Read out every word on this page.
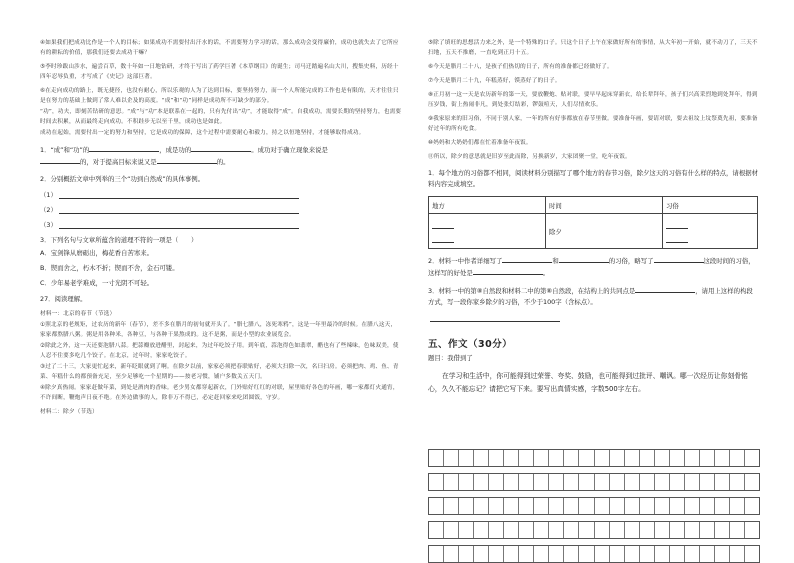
④如果我们把成功比作是一个人的目标；如果成功不需要付出汗水的话，不需要努力学习的话，那么成功会变得廉价，成功也就失去了它所应有的耕耘的价值，那我们还要去成功干嘛？

⑤李时珍跋山涉水，遍尝百草，数十年如一日地钻研，才终于写出了药学巨著《本草纲目》的诞生；司马迁踏遍名山大川，搜集史料，历经十四年忍辱负重，才写成了《史记》这部巨著。

⑥在走向成功的路上，既无捷径，也没有耐心，所以乐观的人为了达到目标，要坚持努力，而一个人所能完成的工作也是有限的，天才往往只是在努力的基础上做到了常人难以企及的高度。“成”和“功”同样是成功所不可缺少的部分。

“功”，功夫，即刻苦钻研的意思。“成”与“功”本是联系在一起的，只有先付出“功”，才能取得“成”。自我成功，需要长期的坚持努力，也需要时间去积累，从而最终走向成功。不积跬步无以至千里，成功也是如此。

成功在起始，需要付出一定的努力和坚持，它是成功的保障，这个过程中需要耐心和毅力，持之以恒地坚持，才能够取得成功。

1．“成”和“功”的	，成是功的	。成功对于确立现象来说是
的，对于提高目标来说又是	的。
2．分别概括文章中列举的三个“功到自然成”的具体事例。
（1）
（2）
（3）
3．下列名句与文章所蕴含的道理不符的一项是（　　）
A．宝剑锋从磨砺出，梅花香自苦寒来。
B．锲而舍之，朽木不折；锲而不舍，金石可镂。
C．少年易老学难成，一寸光阴不可轻。
27．阅读理解。
材料一：北京的春节（节选）

①照北京的老规矩，过农历的新年（春节），差不多在腊月的初旬就开头了。“腊七腊八，冻死寒鸦”，这是一年里最冷的时候。在腊八这天，家家都熬腊八粥。粥是用各种米，各种豆，与各种干果熬成的。这不是粥，而是小型的农业展览会。

②除此之外，这一天还要泡腊八蒜。把蒜瓣放进醋里，封起来，为过年吃饺子用。到年底，蒜泡得色如翡翠，醋也有了些辣味，色味双美，使人忍不住要多吃几个饺子。在北京，过年时，家家吃饺子。

③过了二十三，大家更忙起来，新年眨眼就到了啊。在除夕以前，家家必须把春联贴好，必须大扫除一次，名曰扫房。必须把肉、鸡、鱼、青菜、年糕什么的都预备充足，至少足够吃一个星期的——按老习惯，铺户多数关五天门。

④除夕真热闹。家家赶做年菜，到处是酒肉的香味。老少男女都穿起新衣，门外贴好红红的对联，屋里贴好各色的年画，哪一家都灯火通宵，不许间断，鞭炮声日夜不绝。在外边做事的人，除非万不得已，必定赶回家来吃团圆饭，守岁。

材料二：除夕（节选）

⑤除了填旺的思想活力来之外，是一个特殊的口子。只这个日子上午在家做好所有的事情，从大年初一开始，就不动刀了，三天不扫地，五天不推磨，一直吃到正月十五。

⑥今天是腊月二十八，是孩子们热切的日子，所有的准备都已经做好了。

⑦今天是腊月二十九，年糕蒸好，馍蒸好了的日子。

⑧正月初一这一天是农历新年的第一天，要放鞭炮、贴对联，要早早起床穿新衣，给长辈拜年，孩子们兴高采烈地到处拜年，得到压岁钱，街上热闹非凡，到处张灯结彩，锣鼓喧天，人们尽情欢乐。

⑨我家原来的旧习俗，不同于别人家，一年的所有好事都放在春节里做。要准备年画，要请对联，要去祖坟上坟祭奠先祖，要准备好过年的所有吃食。

⑩妈妈和大奶奶们都在忙着准备年夜饭。

⑪所以，除夕的意思就是旧岁至此而除，另换新岁，大家团聚一堂，吃年夜饭。

1．每个地方的习俗都不相同，阅读材料分别描写了哪个地方的春节习俗，除夕这天的习俗有什么样的特点，请根据材料内容完成填空。
地方	时间	习俗

	除夕	
2．材料一中作者详细写了	和	的习俗，略写了	这段时间的习俗，这样写的好处是	。
3．材料一中的第⑧自然段和材料二中的第⑧自然段，在结构上的共同点是	，请用上这样的构段方式，写一段你家乡除夕的习俗，不少于100字（含标点）。
五、作文（30分）
题目：我借到了

在学习和生活中，你可能得到过荣誉、夸奖、鼓励，也可能得到过批评、嘲讽。哪一次经历让你刻骨铭心，久久不能忘记？请把它写下来。要写出真情实感，字数500字左右。
